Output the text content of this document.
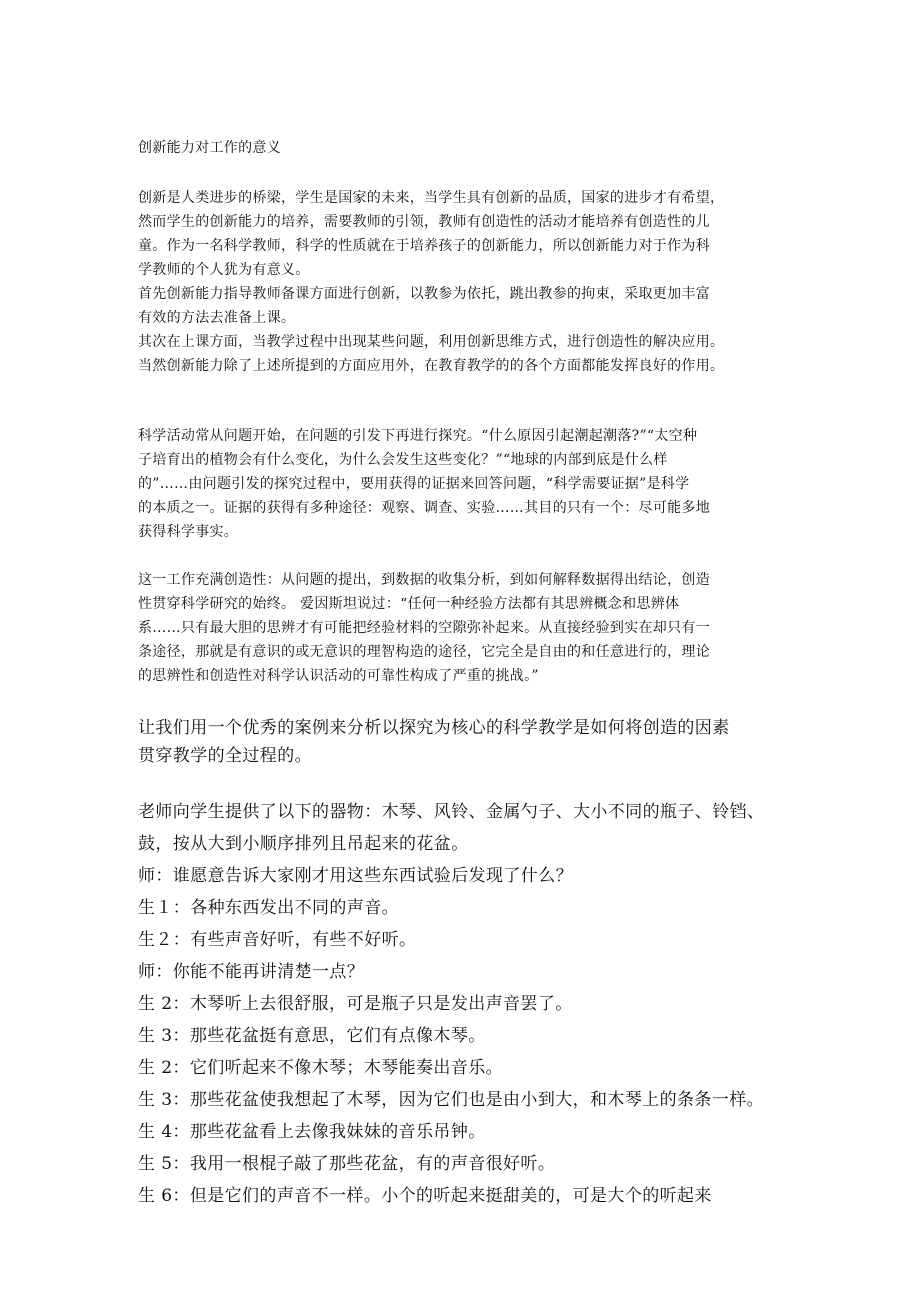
创新能力对工作的意义

创新是人类进步的桥梁，学生是国家的未来，当学生具有创新的品质，国家的进步才有希望，
然而学生的创新能力的培养，需要教师的引领，教师有创造性的活动才能培养有创造性的儿
童。作为一名科学教师，科学的性质就在于培养孩子的创新能力，所以创新能力对于作为科
学教师的个人犹为有意义。
首先创新能力指导教师备课方面进行创新，以教参为依托，跳出教参的拘束，采取更加丰富
有效的方法去准备上课。
其次在上课方面，当教学过程中出现某些问题，利用创新思维方式，进行创造性的解决应用。
当然创新能力除了上述所提到的方面应用外，在教育教学的的各个方面都能发挥良好的作用。

科学活动常从问题开始，在问题的引发下再进行探究。“什么原因引起潮起潮落?”“太空种
子培育出的植物会有什么变化，为什么会发生这些变化？”“地球的内部到底是什么样
的”……由问题引发的探究过程中，要用获得的证据来回答问题，“科学需要证据”是科学
的本质之一。证据的获得有多种途径：观察、调查、实验……其目的只有一个：尽可能多地
获得科学事实。

这一工作充满创造性：从问题的提出，到数据的收集分析，到如何解释数据得出结论，创造
性贯穿科学研究的始终。 爱因斯坦说过：“任何一种经验方法都有其思辨概念和思辨体
系……只有最大胆的思辨才有可能把经验材料的空隙弥补起来。从直接经验到实在却只有一
条途径，那就是有意识的或无意识的理智构造的途径，它完全是自由的和任意进行的，理论
的思辨性和创造性对科学认识活动的可靠性构成了严重的挑战。”

让我们用一个优秀的案例来分析以探究为核心的科学教学是如何将创造的因素
贯穿教学的全过程的。

老师向学生提供了以下的器物：木琴、风铃、金属勺子、大小不同的瓶子、铃铛、
鼓，按从大到小顺序排列且吊起来的花盆。
师：谁愿意告诉大家刚才用这些东西试验后发现了什么？
生１：各种东西发出不同的声音。
生２：有些声音好听，有些不好听。
师：你能不能再讲清楚一点？
生 2：木琴听上去很舒服，可是瓶子只是发出声音罢了。
生 3：那些花盆挺有意思，它们有点像木琴。
生 2：它们听起来不像木琴；木琴能奏出音乐。
生 3：那些花盆使我想起了木琴，因为它们也是由小到大，和木琴上的条条一样。
生 4：那些花盆看上去像我妹妹的音乐吊钟。
生 5：我用一根棍子敲了那些花盆，有的声音很好听。
生 6：但是它们的声音不一样。小个的听起来挺甜美的，可是大个的听起来
